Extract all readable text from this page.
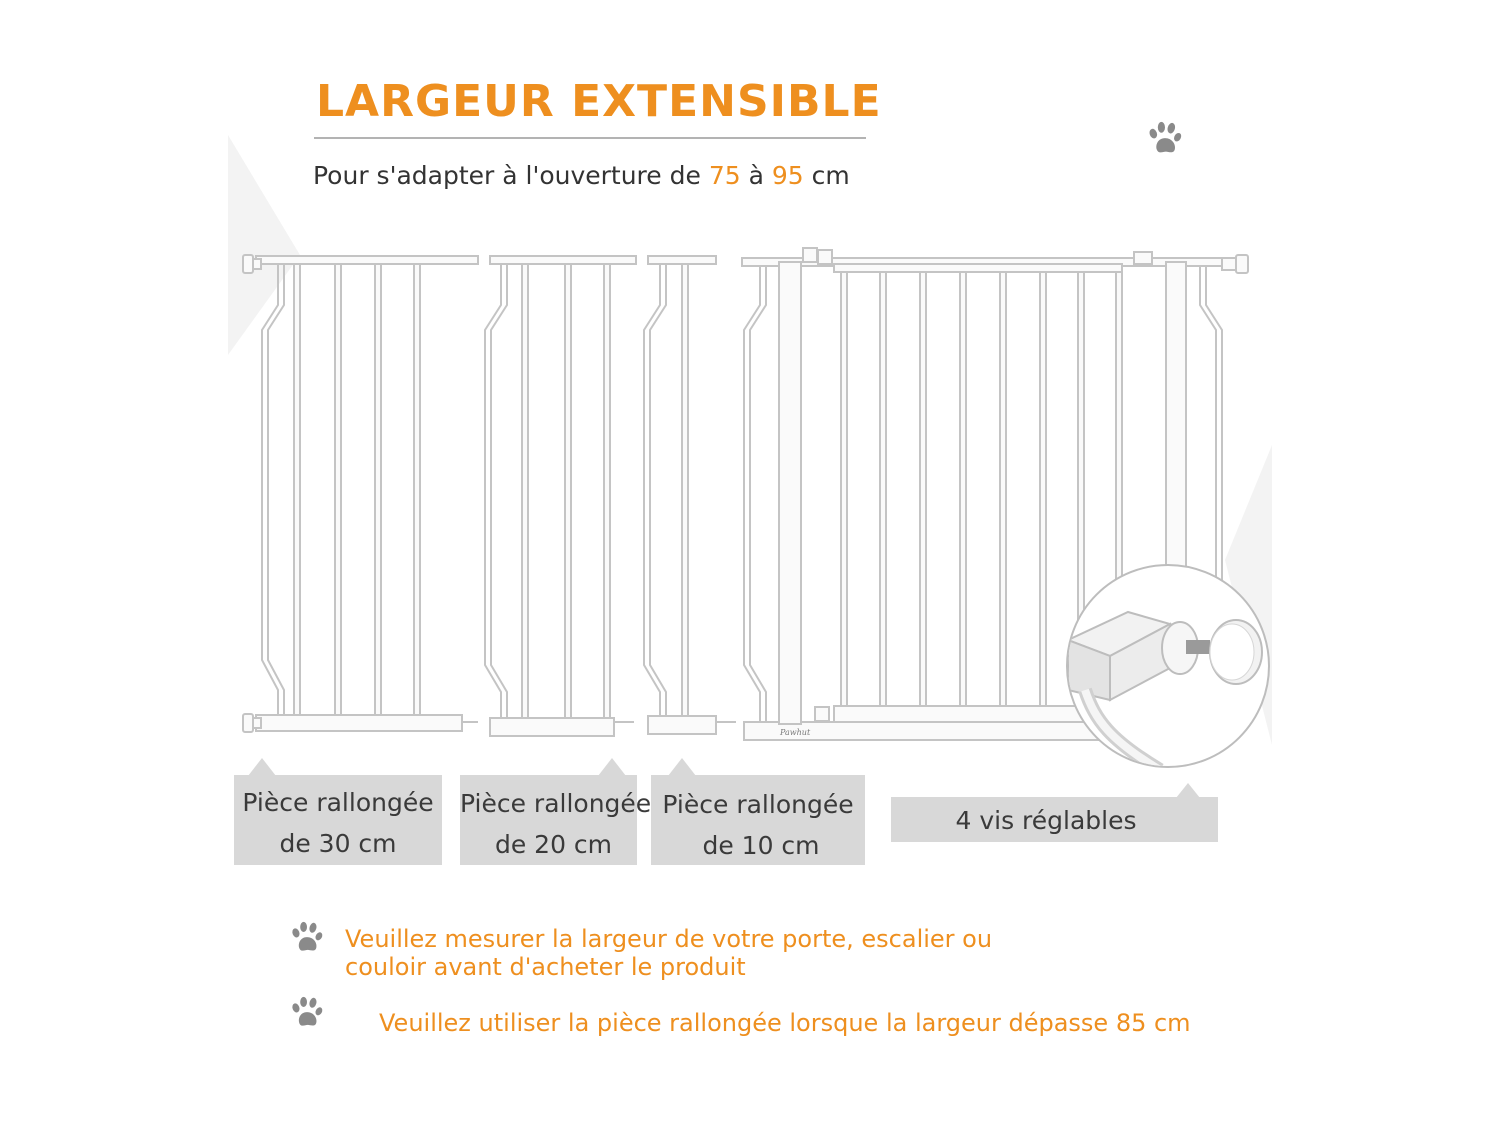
LARGEUR EXTENSIBLE

Pour s'adapter à l'ouverture de 75 à 95 cm

Pawhut
Pièce rallongée
de 30 cm
Pièce rallongée
de 20 cm
Pièce rallongée
de 10 cm
4 vis réglables
Veuillez mesurer la largeur de votre porte, escalier ou
couloir avant d'acheter le produit
Veuillez utiliser la pièce rallongée lorsque la largeur dépasse 85 cm
